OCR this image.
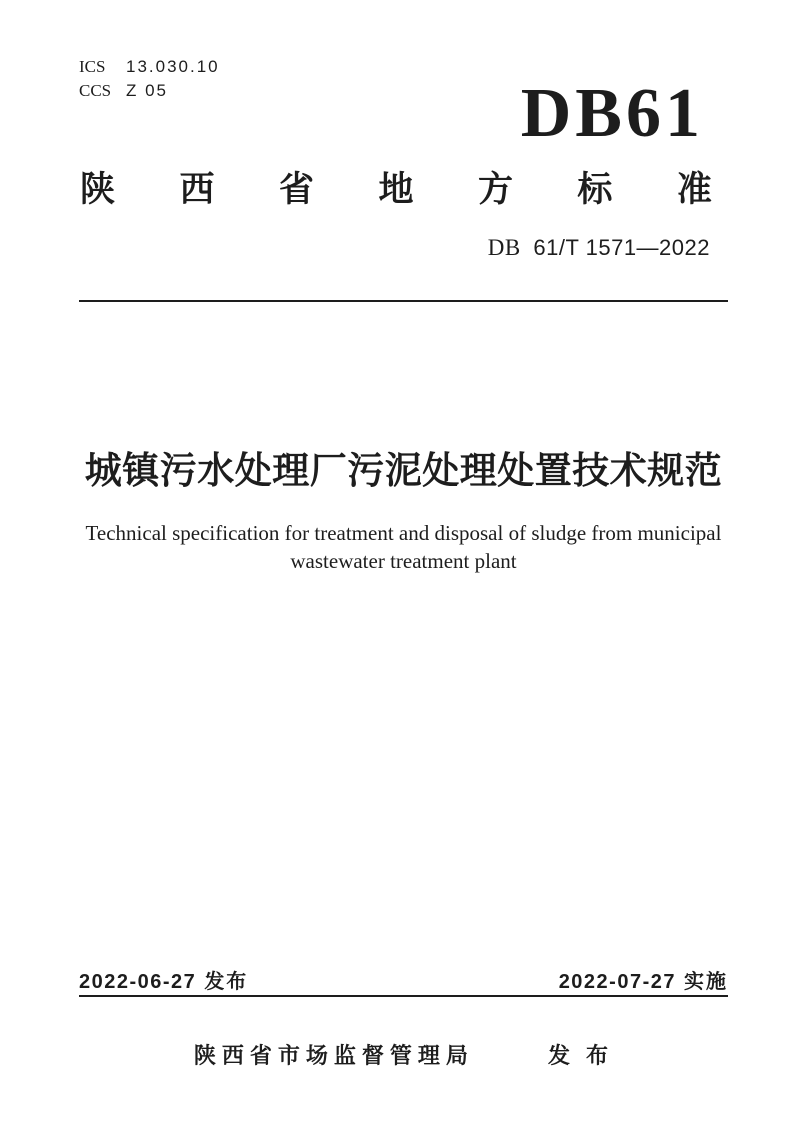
ICS	13.030.10
CCS Z 05	DB61
陕 西 省 地 方 标 准
DB 61/T 1571—2022
城镇污水处理厂污泥处理处置技术规范
Technical specification for treatment and disposal of sludge from municipal
wastewater treatment plant
2022-06-27 发布	2022-07-27 实施
陕西省市场监督管理局	发 布
